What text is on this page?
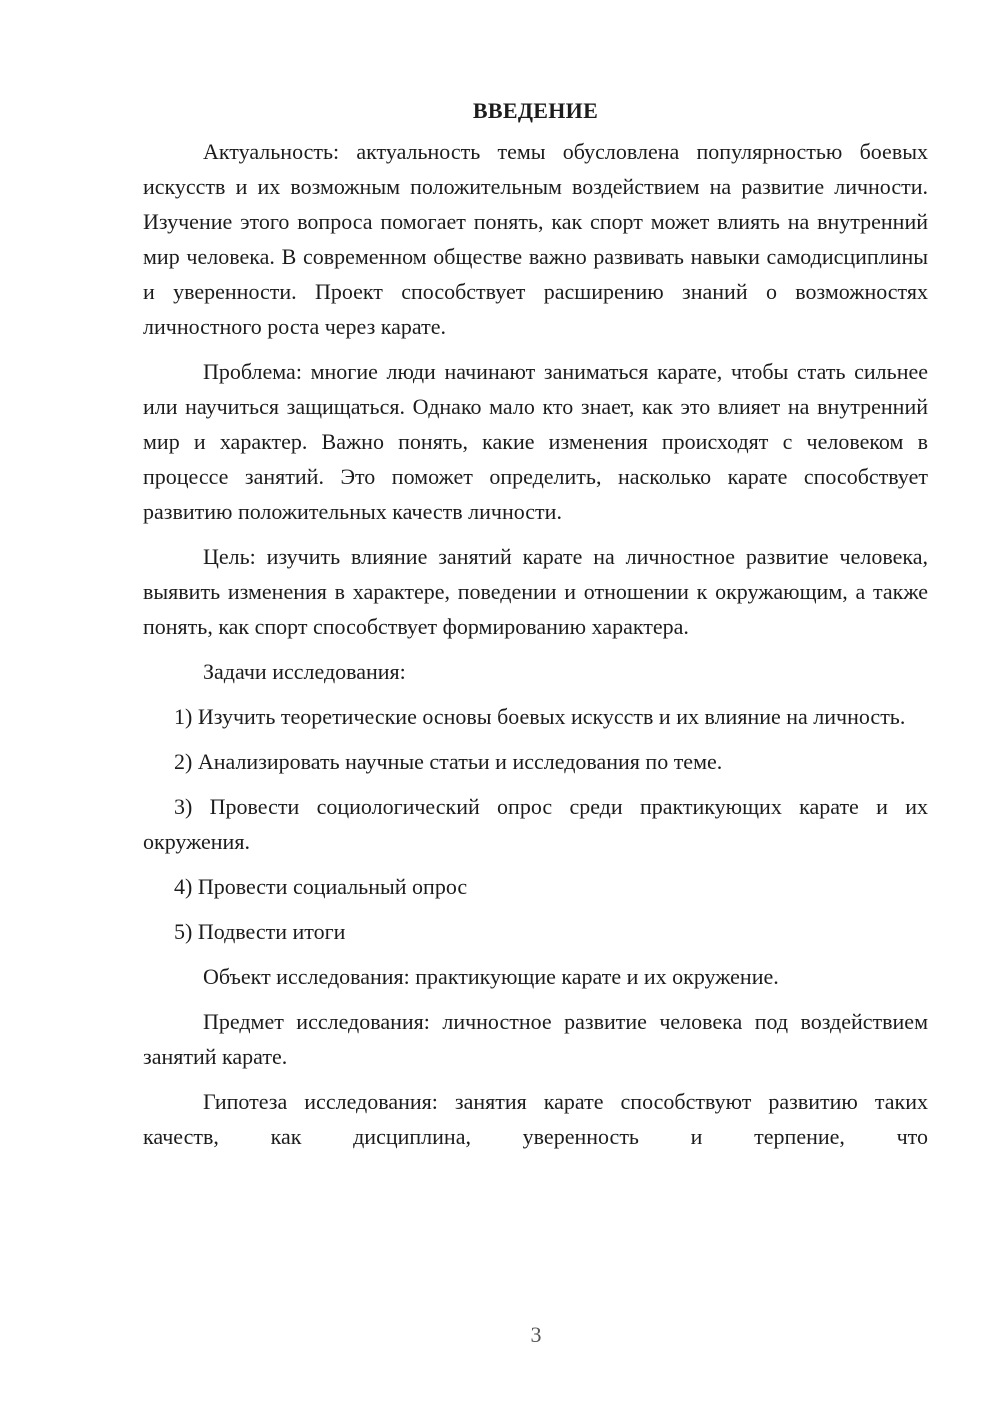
ВВЕДЕНИЕ

Актуальность: актуальность темы обусловлена популярностью боевых искусств и их возможным положительным воздействием на развитие личности. Изучение этого вопроса помогает понять, как спорт может влиять на внутренний мир человека. В современном обществе важно развивать навыки самодисциплины и уверенности. Проект способствует расширению знаний о возможностях личностного роста через карате.

Проблема: многие люди начинают заниматься карате, чтобы стать сильнее или научиться защищаться. Однако мало кто знает, как это влияет на внутренний мир и характер. Важно понять, какие изменения происходят с человеком в процессе занятий. Это поможет определить, насколько карате способствует развитию положительных качеств личности.

Цель: изучить влияние занятий карате на личностное развитие человека, выявить изменения в характере, поведении и отношении к окружающим, а также понять, как спорт способствует формированию характера.

Задачи исследования:

1) Изучить теоретические основы боевых искусств и их влияние на личность.

2) Анализировать научные статьи и исследования по теме.

3) Провести социологический опрос среди практикующих карате и их окружения.

4) Провести социальный опрос

5) Подвести итоги

Объект исследования: практикующие карате и их окружение.

Предмет исследования: личностное развитие человека под воздействием занятий карате.

Гипотеза исследования: занятия карате способствуют развитию таких качеств, как дисциплина, уверенность и терпение, что

3
